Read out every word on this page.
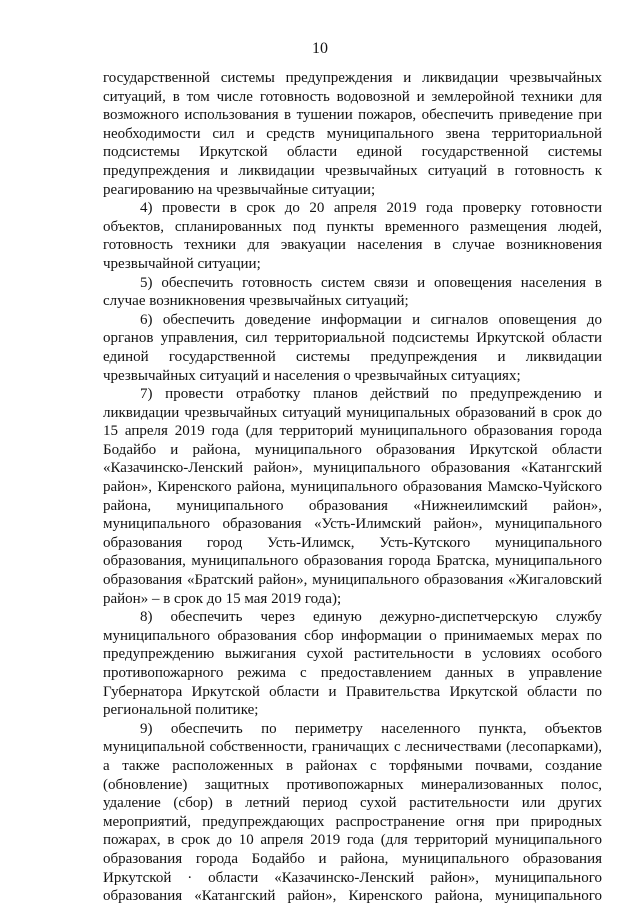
10

государственной системы предупреждения и ликвидации чрезвычайных ситуаций, в том числе готовность водовозной и землеройной техники для возможного использования в тушении пожаров, обеспечить приведение при необходимости сил и средств муниципального звена территориальной подсистемы Иркутской области единой государственной системы предупреждения и ликвидации чрезвычайных ситуаций в готовность к реагированию на чрезвычайные ситуации;

4) провести в срок до 20 апреля 2019 года проверку готовности объектов, спланированных под пункты временного размещения людей, готовность техники для эвакуации населения в случае возникновения чрезвычайной ситуации;

5) обеспечить готовность систем связи и оповещения населения в случае возникновения чрезвычайных ситуаций;

6) обеспечить доведение информации и сигналов оповещения до органов управления, сил территориальной подсистемы Иркутской области единой государственной системы предупреждения и ликвидации чрезвычайных ситуаций и населения о чрезвычайных ситуациях;

7) провести отработку планов действий по предупреждению и ликвидации чрезвычайных ситуаций муниципальных образований в срок до 15 апреля 2019 года (для территорий муниципального образования города Бодайбо и района, муниципального образования Иркутской области «Казачинско-Ленский район», муниципального образования «Катангский район», Киренского района, муниципального образования Мамско-Чуйского района, муниципального образования «Нижнеилимский район», муниципального образования «Усть-Илимский район», муниципального образования город Усть-Илимск, Усть-Кутского муниципального образования, муниципального образования города Братска, муниципального образования «Братский район», муниципального образования «Жигаловский район» – в срок до 15 мая 2019 года);

8) обеспечить через единую дежурно-диспетчерскую службу муниципального образования сбор информации о принимаемых мерах по предупреждению выжигания сухой растительности в условиях особого противопожарного режима с предоставлением данных в управление Губернатора Иркутской области и Правительства Иркутской области по региональной политике;

9) обеспечить по периметру населенного пункта, объектов муниципальной собственности, граничащих с лесничествами (лесопарками), а также расположенных в районах с торфяными почвами, создание (обновление) защитных противопожарных минерализованных полос, удаление (сбор) в летний период сухой растительности или других мероприятий, предупреждающих распространение огня при природных пожарах, в срок до 10 апреля 2019 года (для территорий муниципального образования города Бодайбо и района, муниципального образования Иркутской · области «Казачинско-Ленский район», муниципального образования «Катангский район», Киренского района, муниципального
